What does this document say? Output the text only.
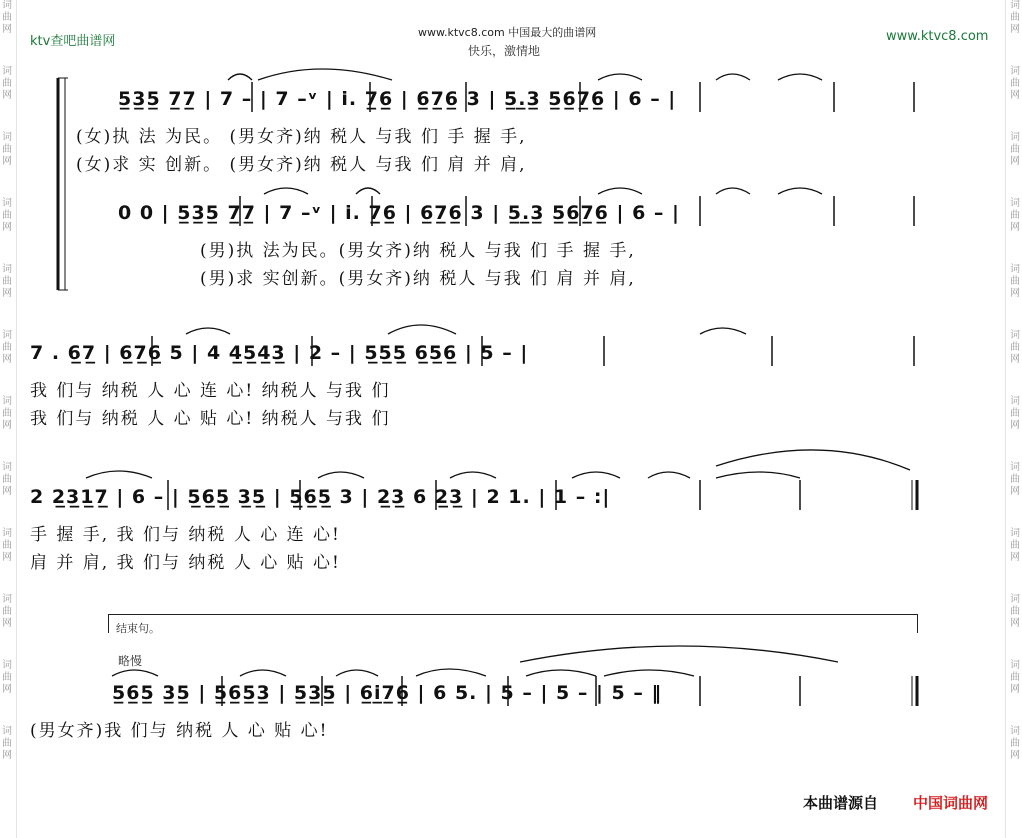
词曲网
词曲网
词曲网
词曲网
词曲网
词曲网
词曲网
词曲网
词曲网
词曲网
词曲网
词曲网
词曲网
词曲网
词曲网
词曲网
词曲网
词曲网
词曲网
词曲网
词曲网
词曲网
词曲网
词曲网
ktv查吧曲谱网
www.ktvc8.com 中国最大的曲谱网	www.ktvc8.com
快乐，激情地
5̲3̲5̲ 7̲7̲ | 7 – | 7 –ᵛ | i. 7̲6̲ | 6̲7̲6̲ 3 | 5̲.̲3̲ 5̲6̲7̲6̲ | 6 – |
(女)执 法 为民。 (男女齐)纳 税人 与我 们 手 握 手,
(女)求 实 创新。 (男女齐)纳 税人 与我 们 肩 并 肩,
0 0 | 5̲3̲5̲ 7̲7̲ | 7 –ᵛ | i. 7̲6̲ | 6̲7̲6̲ 3 | 5̲.̲3̲ 5̲6̲7̲6̲ | 6 – |
(男)执 法为民。(男女齐)纳 税人 与我 们 手 握 手,
(男)求 实创新。(男女齐)纳 税人 与我 们 肩 并 肩,
7 . 6̲7̲ | 6̲7̲6̲ 5 | 4 4̲5̲4̲3̲ | 2 – | 5̲5̲5̲ 6̲5̲6̲ | 5 – |
我 们与 纳税 人 心 连 心! 纳税人 与我 们
我 们与 纳税 人 心 贴 心! 纳税人 与我 们
2 2̲3̲1̲7̲ | 6 – | 5̲6̲5̲ 3̲5̲ | 5̲6̲5̲ 3 | 2̲3̲ 6 2̲3̲ | 2 1. | 1 – :|
手 握 手, 我 们与 纳税 人 心 连 心!
肩 并 肩, 我 们与 纳税 人 心 贴 心!
结束句。
略慢
5̲6̲5̲ 3̲5̲ | 5̲6̲5̲3̲ | 5̲3̲5̲ | 6̲i̲7̲6̲ | 6 5. | 5 – | 5 – | 5 – ‖
(男女齐)我 们与 纳税 人 心 贴 心!
本曲谱源自 中国词曲网
